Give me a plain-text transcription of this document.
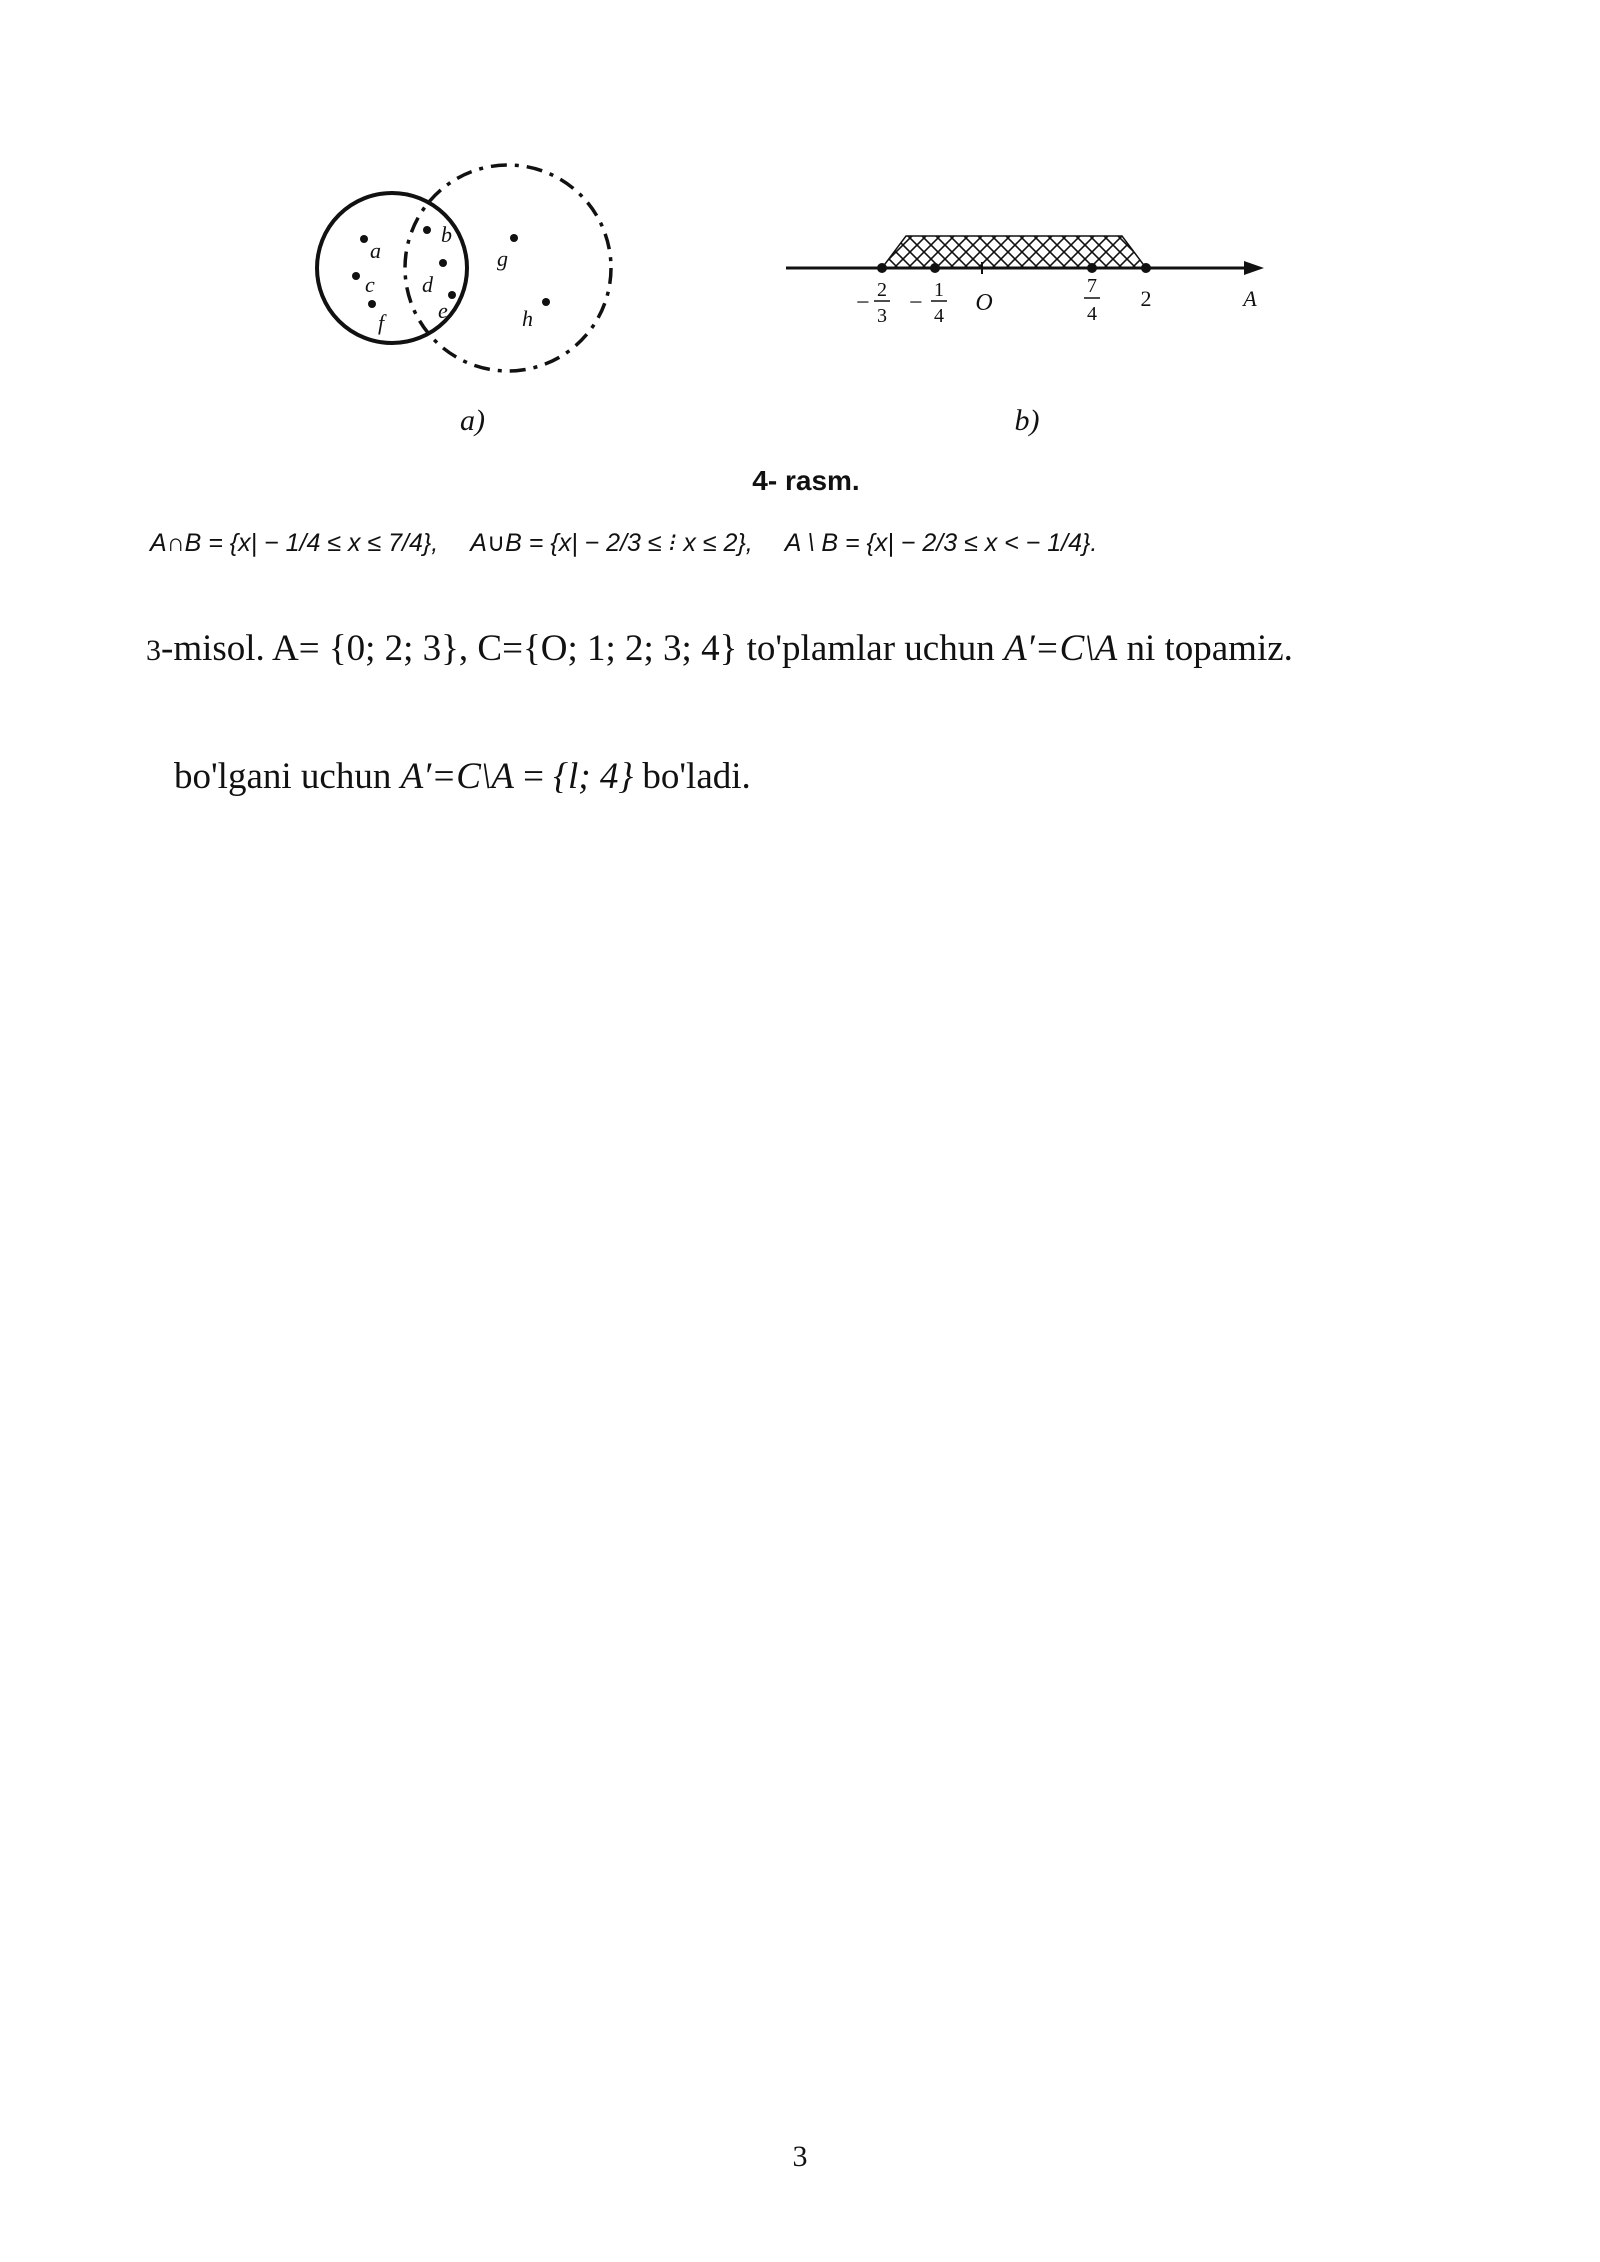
a
c
f
b
d
e
g
h
a)
− 2
3 − 1
4 O
7
4
2	A
b)
4- rasm.
A∩B = {x| − 1/4 ≤ x ≤ 7/4}, A∪B = {x| − 2/3 ≤ ⁝ x ≤ 2}, A \ B = {x| − 2/3 ≤ x < − 1/4}.
3-misol. A= {0; 2; 3}, C={O; 1; 2; 3; 4} to'plamlar uchun A′=C\A ni topamiz.
bo'lgani uchun A′=C\A = {l; 4} bo'ladi.
3
